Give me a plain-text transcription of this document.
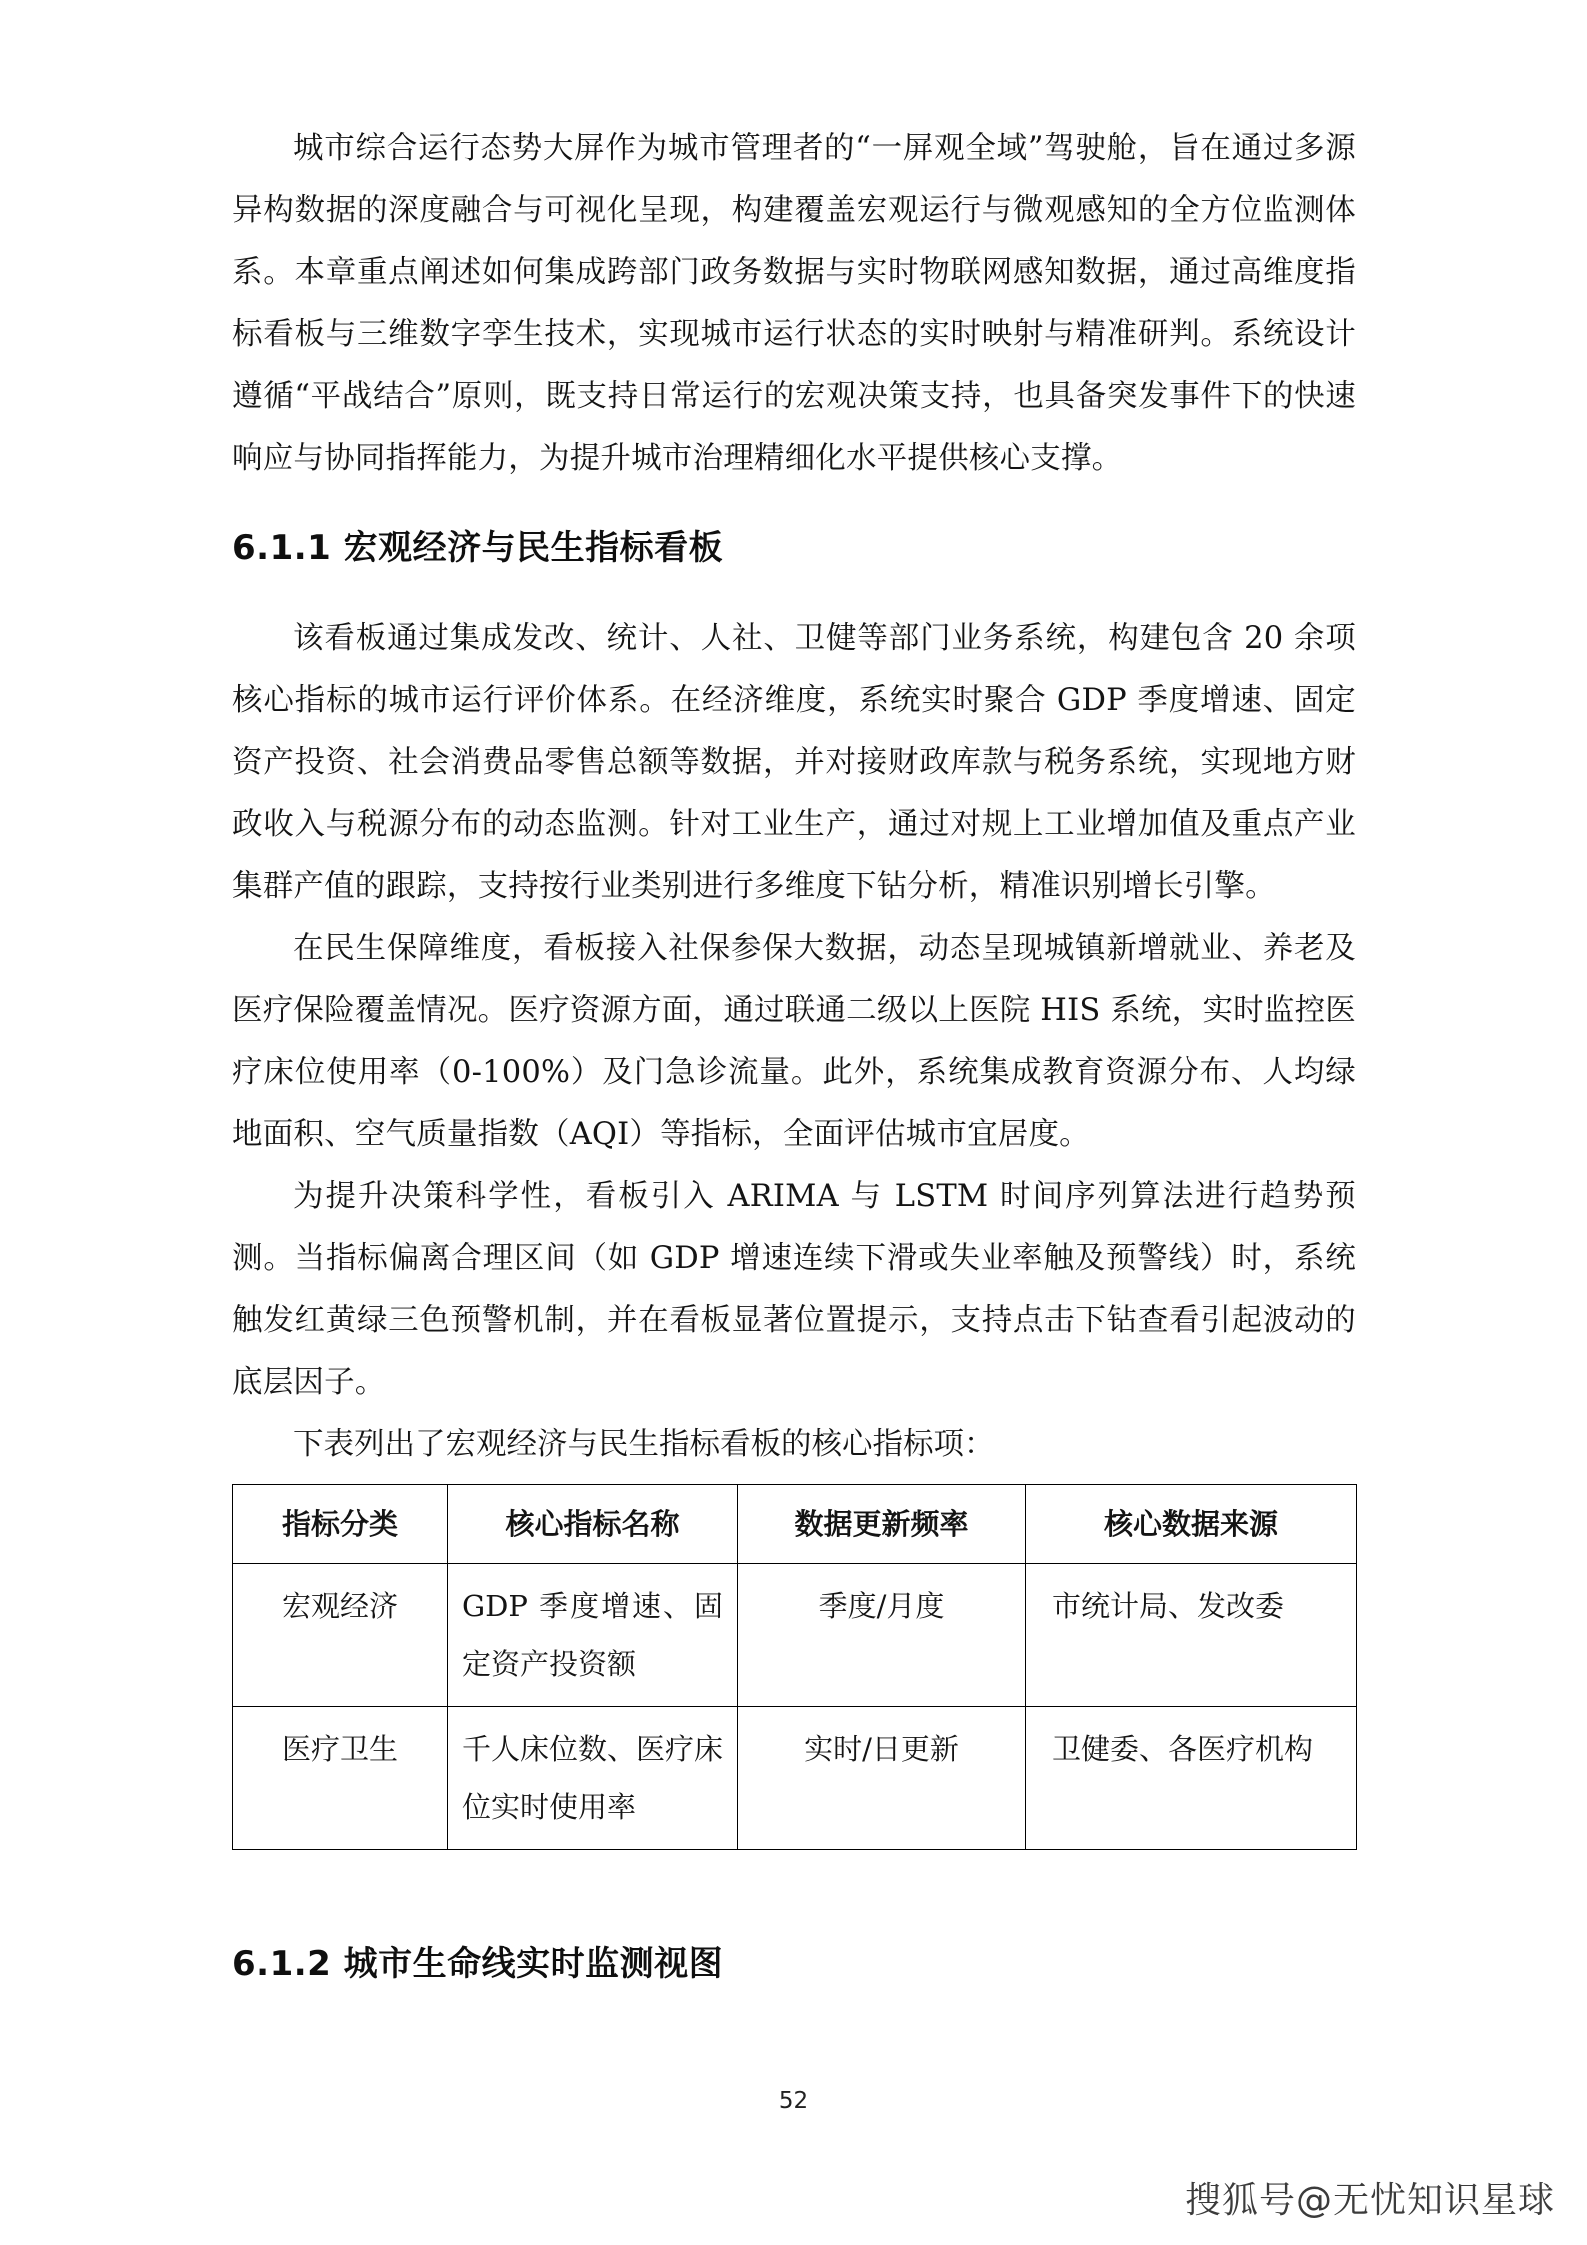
城市综合运行态势大屏作为城市管理者的“一屏观全域”驾驶舱，旨在通过多源异构数据的深度融合与可视化呈现，构建覆盖宏观运行与微观感知的全方位监测体系。本章重点阐述如何集成跨部门政务数据与实时物联网感知数据，通过高维度指标看板与三维数字孪生技术，实现城市运行状态的实时映射与精准研判。系统设计遵循“平战结合”原则，既支持日常运行的宏观决策支持，也具备突发事件下的快速响应与协同指挥能力，为提升城市治理精细化水平提供核心支撑。

6.1.1 宏观经济与民生指标看板

该看板通过集成发改、统计、人社、卫健等部门业务系统，构建包含 20 余项核心指标的城市运行评价体系。在经济维度，系统实时聚合 GDP 季度增速、固定资产投资、社会消费品零售总额等数据，并对接财政库款与税务系统，实现地方财政收入与税源分布的动态监测。针对工业生产，通过对规上工业增加值及重点产业集群产值的跟踪，支持按行业类别进行多维度下钻分析，精准识别增长引擎。

在民生保障维度，看板接入社保参保大数据，动态呈现城镇新增就业、养老及医疗保险覆盖情况。医疗资源方面，通过联通二级以上医院 HIS 系统，实时监控医疗床位使用率（0-100%）及门急诊流量。此外，系统集成教育资源分布、人均绿地面积、空气质量指数（AQI）等指标，全面评估城市宜居度。

为提升决策科学性，看板引入 ARIMA 与 LSTM 时间序列算法进行趋势预测。当指标偏离合理区间（如 GDP 增速连续下滑或失业率触及预警线）时，系统触发红黄绿三色预警机制，并在看板显著位置提示，支持点击下钻查看引起波动的底层因子。

下表列出了宏观经济与民生指标看板的核心指标项：

指标分类	核心指标名称	数据更新频率	核心数据来源
宏观经济	GDP 季度增速、固定资产投资额	季度/月度	市统计局、发改委
医疗卫生	千人床位数、医疗床位实时使用率	实时/日更新	卫健委、各医疗机构
6.1.2 城市生命线实时监测视图
52
搜狐号@无忧知识星球
